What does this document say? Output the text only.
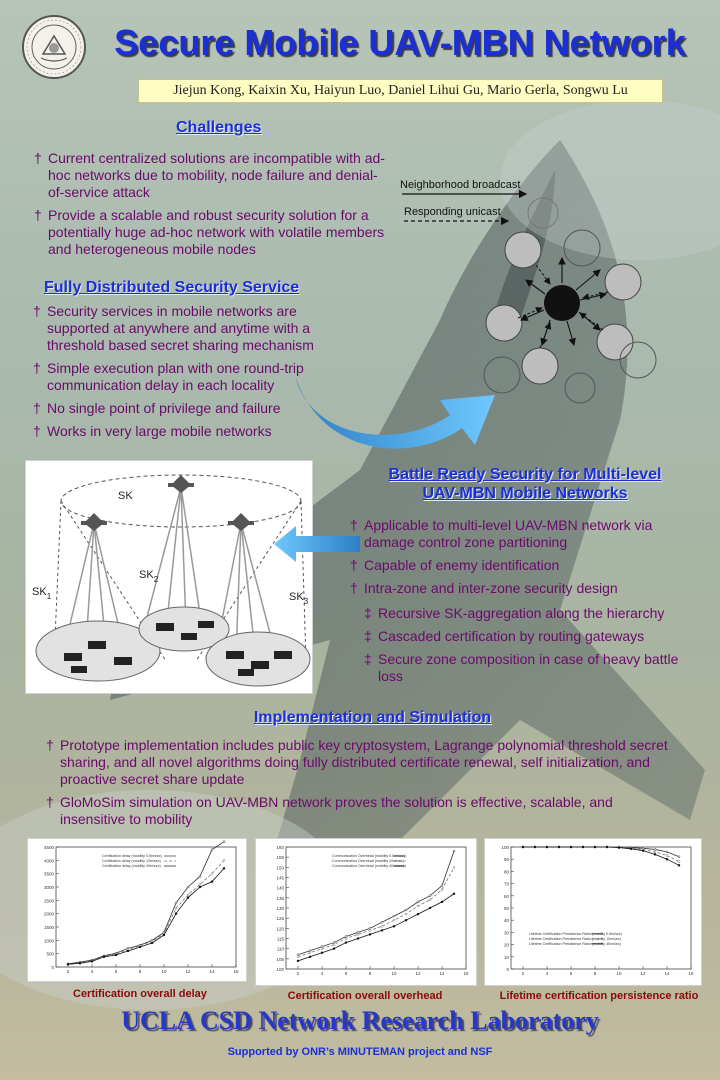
Secure Mobile UAV-MBN Network
Jiejun Kong, Kaixin Xu, Haiyun Luo, Daniel Lihui Gu, Mario Gerla, Songwu Lu
Challenges
† Current centralized solutions are incompatible with ad-hoc networks due to mobility, node failure and denial-of-service attack
† Provide a scalable and robust security solution for a potentially huge ad-hoc network with volatile members and heterogeneous mobile nodes
Fully Distributed Security Service
† Security services in mobile networks are supported at anywhere and anytime with a threshold based secret sharing mechanism
† Simple execution plan with one round-trip communication delay in each locality
† No single point of privilege and failure
† Works in very large mobile networks
Neighborhood broadcast
Responding unicast
SK
$SK_1$
$SK_2$
$SK_3$
Battle Ready Security for Multi-level
UAV-MBN Mobile Networks
† Applicable to multi-level UAV-MBN network via damage control zone partitioning
† Capable of enemy identification
† Intra-zone and inter-zone security design
‡ Recursive SK-aggregation along the hierarchy
‡ Cascaded certification by routing gateways
‡ Secure zone composition in case of heavy battle loss
Implementation and Simulation
† Prototype implementation includes public key cryptosystem, Lagrange polynomial threshold secret sharing, and all novel algorithms doing fully distributed certificate renewal, self initialization, and proactive secret share update
† GloMoSim simulation on UAV-MBN network proves the solution is effective, scalable, and insensitive to mobility
0
500
1000
1500
2000
2500
3000
3500
4000
4500
2	4	6	8	10	12	14	16
Certification delay (mobility 0.5m/sec)
Certification delay (mobility 10m/sec)
Certification delay (mobility 40m/sec)
Certification overall delay
100
105
110
115
120
125
130
135
140
145
150
155
160
2	4	6	8	10	12	14	16
Communication Overhead (mobility 0.5m/sec)
Communication Overhead (mobility 10m/sec)
Communication Overhead (mobility 40m/sec)
Certification overall overhead
0
10
20
30
40
50
60
70
80
90
100
2	4	6	8	10	12	14	16
Lifetime Certification Persistence Ratio (mobility 0.5m/sec)
Lifetime Certification Persistence Ratio (mobility 10m/sec)
Lifetime Certification Persistence Ratio (mobility 40m/sec)
Lifetime certification persistence ratio
UCLA CSD Network Research Laboratory
Supported by ONR’s MINUTEMAN project and NSF
